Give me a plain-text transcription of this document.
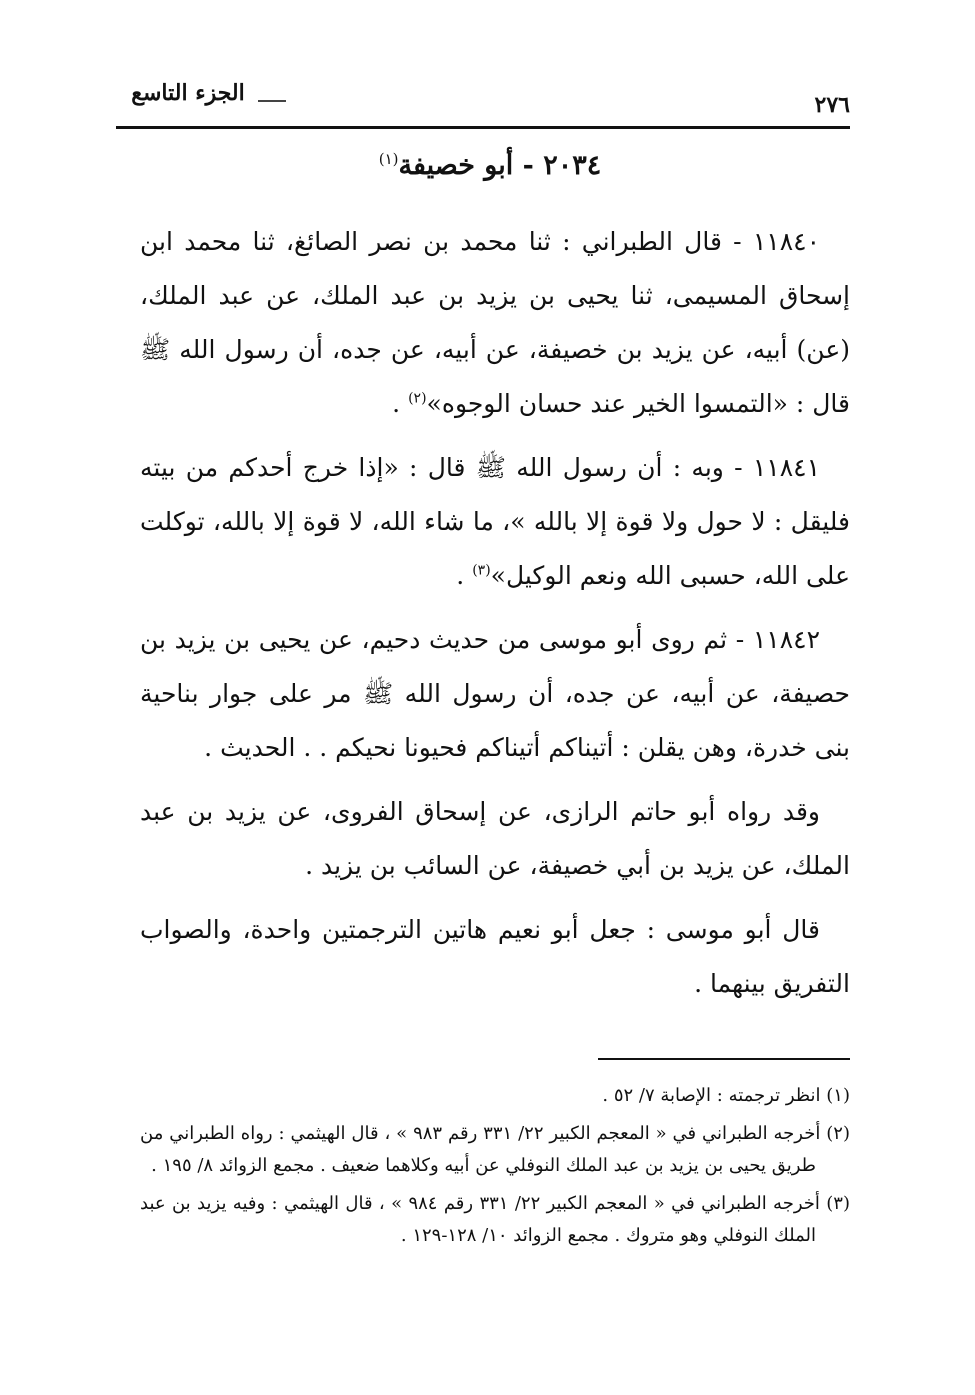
الجزء التاسع	٢٧٦
٢٠٣٤ - أبو خصيفة$^{(١)}$

١١٨٤٠ - قال الطبراني : ثنا محمد بن نصر الصائغ، ثنا محمد ابن إسحاق المسيمى، ثنا يحيى بن يزيد بن عبد الملك، عن عبد الملك، (عن) أبيه، عن يزيد بن خصيفة، عن أبيه، عن جده، أن رسول الله ﷺ قال : «التمسوا الخير عند حسان الوجوه»$^{(٢)}$ .

١١٨٤١ - وبه : أن رسول الله ﷺ قال : «إذا خرج أحدكم من بيته فليقل : لا حول ولا قوة إلا بالله »، ما شاء الله، لا قوة إلا بالله، توكلت على الله، حسبى الله ونعم الوكيل»$^{(٣)}$ .

١١٨٤٢ - ثم روى أبو موسى من حديث دحيم، عن يحيى بن يزيد بن حصيفة، عن أبيه، عن جده، أن رسول الله ﷺ مر على جوار بناحية بنى خدرة، وهن يقلن : أتيناكم أتيناكم فحيونا نحيكم . . الحديث .

وقد رواه أبو حاتم الرازى، عن إسحاق الفروى، عن يزيد بن عبد الملك، عن يزيد بن أبي خصيفة، عن السائب بن يزيد .

قال أبو موسى : جعل أبو نعيم هاتين الترجمتين واحدة، والصواب التفريق بينهما .

(١) انظر ترجمته : الإصابة ٧/ ٥٢ .

(٢) أخرجه الطبراني في « المعجم الكبير ٢٢/ ٣٣١ رقم ٩٨٣ » ، قال الهيثمي : رواه الطبراني من طريق يحيى بن يزيد بن عبد الملك النوفلي عن أبيه وكلاهما ضعيف . مجمع الزوائد ٨/ ١٩٥ .

(٣) أخرجه الطبراني في « المعجم الكبير ٢٢/ ٣٣١ رقم ٩٨٤ » ، قال الهيثمي : وفيه يزيد بن عبد الملك النوفلي وهو متروك . مجمع الزوائد ١٠/ ١٢٨-١٢٩ .
